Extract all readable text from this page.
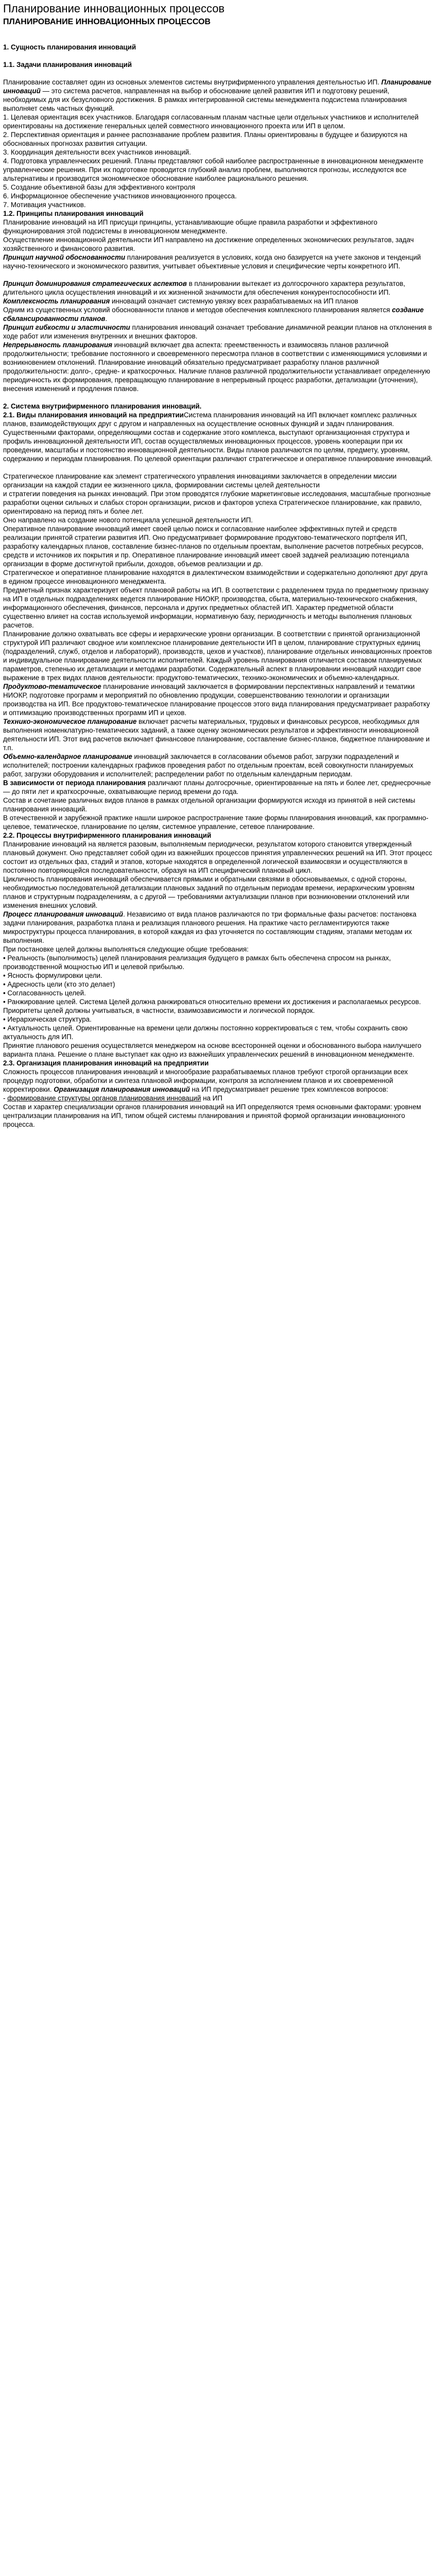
Планирование инновационных процессов
ПЛАНИРОВАНИЕ ИННОВАЦИОННЫХ ПРОЦЕССОВ
1. Сущность планирования инноваций
1.1. Задачи планирования инноваций
Планирование составляет один из основных элементов системы внутрифирменного управления деятельностью ИП. Планирование инноваций — это система расчетов, направленная на выбор и обоснование целей развития ИП и подготовку решений, необходимых для их безусловного достижения. В рамках интегрированной системы менеджмента подсистема планирования выполняет семь частных функций.
1. Целевая ориентация всех участников. Благодаря согласованным планам частные цели отдельных участников и исполнителей ориентированы на достижение генеральных целей совместного инновационного проекта или ИП в целом.
2. Перспективная ориентация и раннее распознавание проблем развития. Планы ориентированы в будущее и базируются на обоснованных прогнозах развития ситуации.
3. Координация деятельности всех участников инноваций.
4. Подготовка управленческих решений. Планы представляют собой наиболее распространенные в инновационном менеджменте управленческие решения. При их подготовке проводится глубокий анализ проблем, выполняются прогнозы, исследуются все альтернативы и производится экономическое обоснование наиболее рационального решения.
5. Создание объективной базы для эффективного контроля
6. Информационное обеспечение участников инновационного процесса.
7. Мотивация участников.
1.2. Принципы планирования инноваций
Планирование инноваций на ИП присущи принципы, устанавливающие общие правила разработки и эффективного функционирования этой подсистемы в инновационном менеджменте.
Осуществление инновационной деятельности ИП направлено на достижение определенных экономических результатов, задач хозяйственного и финансового развития.
Принцип научной обоснованности планирования реализуется в условиях, когда оно базируется на учете законов и тенденций научно-технического и экономического развития, учитывает объективные условия и специфические черты конкретного ИП.
Принцип доминирования стратегических аспектов в планировании вытекает из долгосрочного характера результатов, длительного цикла осуществления инноваций и их жизненной значимости для обеспечения конкурентоспособности ИП.
Комплексность планирования инноваций означает системную увязку всех разрабатываемых на ИП планов
Одним из существенных условий обоснованности планов и методов обеспечения комплексного планирования является создание сбалансированности планов.
Принцип гибкости и эластичности планирования инноваций означает требование динамичной реакции планов на отклонения в ходе работ или изменения внутренних и внешних факторов.
Непрерывность планирования инноваций включает два аспекта: преемственность и взаимосвязь планов различной продолжительности; требование постоянного и своевременного пересмотра планов в соответствии с изменяющимися условиями и возникновением отклонений. Планирование инноваций обязательно предусматривает разработку планов различной продолжительности: долго-, средне- и краткосрочных. Наличие планов различной продолжительности устанавливает определенную периодичность их формирования, превращающую планирование в непрерывный процесс разработки, детализации (уточнения), внесения изменений и продления планов.
2. Система внутрифирменного планирования инноваций.
2.1. Виды планирования инноваций на предприятииСистема планирования инноваций на ИП включает комплекс различных планов, взаимодействующих друг с другом и направленных на осуществление основных функций и задач планирования. Существенными факторами, определяющими состав и содержание этого комплекса, выступают организационная структура и профиль инновационной деятельности ИП, состав осуществляемых инновационных процессов, уровень кооперации при их проведении, масштабы и постоянство инновационной деятельности. Виды планов различаются по целям, предмету, уровням, содержанию и периодам планирования. По целевой ориентации различают стратегическое и оперативное планирование инноваций.
Стратегическое планирование как элемент стратегического управления инновациями заключается в определении миссии организации на каждой стадии ее жизненного цикла, формировании системы целей деятельности
и стратегии поведения на рынках инноваций. При этом проводятся глубокие маркетинговые исследования, масштабные прогнозные разработки оценки сильных и слабых сторон организации, рисков и факторов успеха Стратегическое планирование, как правило, ориентировано на период пять и более лет.
Оно направлено на создание нового потенциала успешной деятельности ИП.
Оперативное планирование инноваций имеет своей целью поиск и согласование наиболее эффективных путей и средств реализации принятой стратегии развития ИП. Оно предусматривает формирование продуктово-тематического портфеля ИП, разработку календарных планов, составление бизнес-планов по отдельным проектам, выполнение расчетов потребных ресурсов, средств и источников их покрытия и пр. Оперативное планирование инноваций имеет своей задачей реализацию потенциала организации в форме достигнутой прибыли, доходов, объемов реализации и др.
Стратегическое и оперативное планирование находятся в диалектическом взаимодействии и содержательно дополняют друг друга в едином процессе инновационного менеджмента.
Предметный признак характеризует объект плановой работы на ИП. В соответствии с разделением труда по предметному признаку на ИП в отдельных подразделениях ведется планирование НИОКР, производства, сбыта, материально-технического снабжения, информационного обеспечения, финансов, персонала и других предметных областей ИП. Характер предметной области существенно влияет на состав используемой информации, нормативную базу, периодичность и методы выполнения плановых расчетов.
Планирование должно охватывать все сферы и иерархические уровни организации. В соответствии с принятой организационной структурой ИП различают сводное или комплексное планирование деятельности ИП в целом, планирование структурных единиц (подразделений, служб, отделов и лабораторий), производств, цехов и участков), планирование отдельных инновационных проектов и индивидуальное планирование деятельности исполнителей. Каждый уровень планирования отличается составом планируемых параметров, степенью их детализации и методами разработки. Содержательный аспект в планировании инноваций находит свое выражение в трех видах планов деятельности: продуктово-тематических, технико-экономических и объемно-календарных.
Продуктово-тематическое планирование инноваций заключается в формировании перспективных направлений и тематики НИОКР, подготовке программ и мероприятий по обновлению продукции, совершенствованию технологии и организации производства на ИП. Все продуктово-тематическое планирование процессов этого вида планирования предусматривает разработку и оптимизацию производственных программ ИП и цехов.
Технико-экономическое планирование включает расчеты материальных, трудовых и финансовых ресурсов, необходимых для выполнения номенклатурно-тематических заданий, а также оценку экономических результатов и эффективности инновационной деятельности ИП. Этот вид расчетов включает финансовое планирование, составление бизнес-планов, бюджетное планирование и т.п.
Объемно-календарное планирование инноваций заключается в согласовании объемов работ, загрузки подразделений и исполнителей; построении календарных графиков проведения работ по отдельным проектам, всей совокупности планируемых работ, загрузки оборудования и исполнителей; распределении работ по отдельным календарным периодам.
В зависимости от периода планирования различают планы долгосрочные, ориентированные на пять и более лет, среднесрочные — до пяти лет и краткосрочные, охватывающие период времени до года.
Состав и сочетание различных видов планов в рамках отдельной организации формируются исходя из принятой в ней системы планирования инноваций.
В отечественной и зарубежной практике нашли широкое распространение такие формы планирования инноваций, как программно-целевое, тематическое, планирование по целям, системное управление, сетевое планирование.
2.2. Процессы внутрифирменного планирования инноваций
Планирование инноваций на является разовым, выполняемым периодически, результатом которого становится утвержденный плановый документ. Оно представляет собой один из важнейших процессов принятия управленческих решений на ИП. Этот процесс состоит из отдельных фаз, стадий и этапов, которые находятся в определенной логической взаимосвязи и осуществляются в постоянно повторяющейся последовательности, образуя на ИП специфический плановый цикл.
Цикличность планирования инноваций обеспечивается прямыми и обратными связями в обосновываемых, с одной стороны, необходимостью последовательной детализации плановых заданий по отдельным периодам времени, иерархическим уровням планов и структурным подразделениям, а с другой — требованиями актуализации планов при возникновении отклонений или изменения внешних условий.
Процесс планирования инноваций. Независимо от вида планов различаются по три формальные фазы расчетов: постановка задачи планирования, разработка плана и реализация планового решения. На практике часто регламентируются также микроструктуры процесса планирования, в которой каждая из фаз уточняется по составляющим стадиям, этапами методам их выполнения.
При постановке целей должны выполняться следующие общие требования:
• Реальность (выполнимость) целей планирования реализация будущего в рамках быть обеспечена спросом на рынках, производственной мощностью ИП и целевой прибылью.
• Ясность формулировки цели.
• Адресность цели (кто это делает)
• Согласованность целей.
• Ранжирование целей. Система Целей должна ранжироваться относительно времени их достижения и располагаемых ресурсов. Приоритеты целей должны учитываться, в частности, взаимозависимости и логической порядок.
• Иерархическая структура.
• Актуальность целей. Ориентированные на времени цели должны постоянно корректироваться с тем, чтобы сохранить свою актуальность для ИП.
Принятие планового решения осуществляется менеджером на основе всесторонней оценки и обоснованного выбора наилучшего варианта плана. Решение о плане выступает как одно из важнейших управленческих решений в инновационном менеджменте.
2.3. Организация планирования инноваций на предприятии
Сложность процессов планирования инноваций и многообразие разрабатываемых планов требуют строгой организации всех процедур подготовки, обработки и синтеза плановой информации, контроля за исполнением планов и их своевременной корректировки. Организация планирования инноваций на ИП предусматривает решение трех комплексов вопросов:
- формирование структуры органов планирования инноваций на ИП
Состав и характер специализации органов планирования инноваций на ИП определяются тремя основными факторами: уровнем централизации планирования на ИП, типом общей системы планирования и принятой формой организации инновационного процесса.
